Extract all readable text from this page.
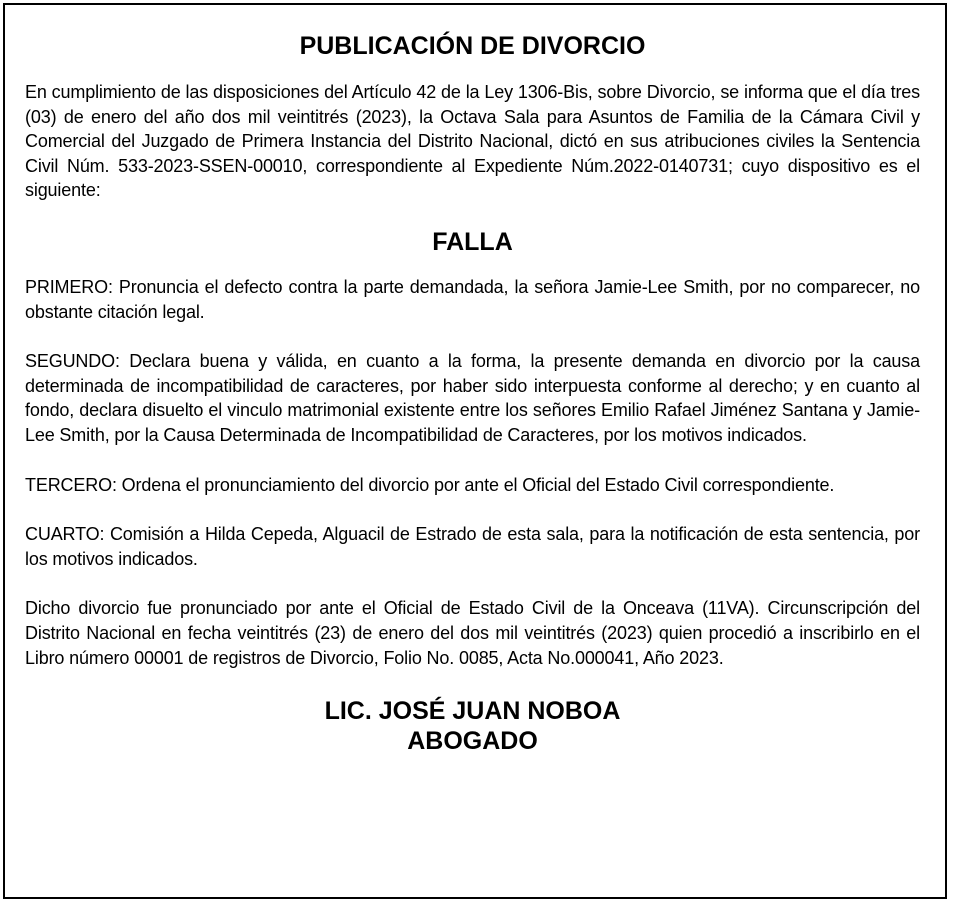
PUBLICACIÓN DE DIVORCIO

En cumplimiento de las disposiciones del Artículo 42 de la Ley 1306-Bis, sobre Divorcio, se informa que el día tres (03) de enero del año dos mil veintitrés (2023), la Octava Sala para Asuntos de Familia de la Cámara Civil y Comercial del Juzgado de Primera Instancia del Distrito Nacional, dictó en sus atribuciones civiles la Sentencia Civil Núm. 533-2023-SSEN-00010, correspondiente al Expediente Núm.2022-0140731; cuyo dispositivo es el siguiente:

FALLA

PRIMERO: Pronuncia el defecto contra la parte demandada, la señora Jamie-Lee Smith, por no comparecer, no obstante citación legal.

SEGUNDO: Declara buena y válida, en cuanto a la forma, la presente demanda en divorcio por la causa determinada de incompatibilidad de caracteres, por haber sido interpuesta conforme al derecho; y en cuanto al fondo, declara disuelto el vinculo matrimonial existente entre los señores Emilio Rafael Jiménez Santana y Jamie- Lee Smith, por la Causa Determinada de Incompatibilidad de Caracteres, por los motivos indicados.

TERCERO: Ordena el pronunciamiento del divorcio por ante el Oficial del Estado Civil correspondiente.

CUARTO: Comisión a Hilda Cepeda, Alguacil de Estrado de esta sala, para la notificación de esta sentencia, por los motivos indicados.

Dicho divorcio fue pronunciado por ante el Oficial de Estado Civil de la Onceava (11VA). Circunscripción del Distrito Nacional en fecha veintitrés (23) de enero del dos mil veintitrés (2023) quien procedió a inscribirlo en el Libro número 00001 de registros de Divorcio, Folio No. 0085, Acta No.000041, Año 2023.

LIC. JOSÉ JUAN NOBOA
ABOGADO
